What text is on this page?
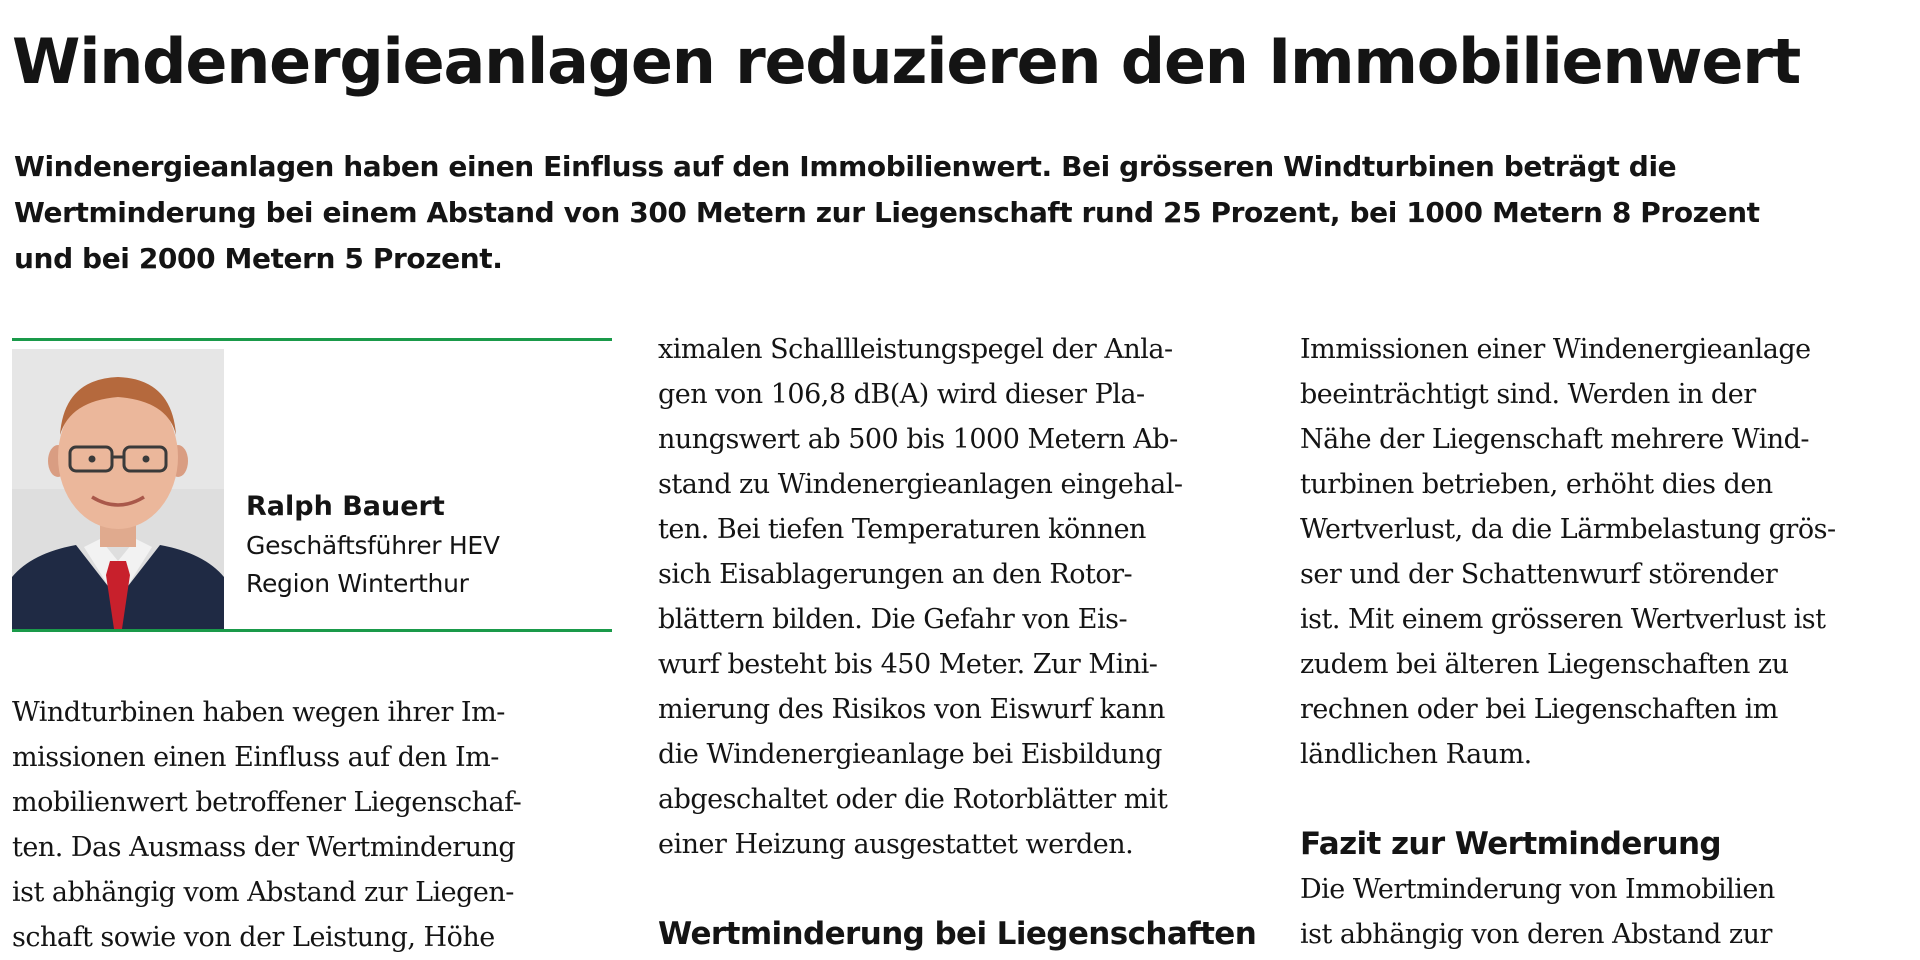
Windenergieanlagen reduzieren den Immobilienwert
Windenergieanlagen haben einen Einfluss auf den Immobilienwert. Bei grösseren Windturbinen beträgt die
Wertminderung bei einem Abstand von 300 Metern zur Liegenschaft rund 25 Prozent, bei 1000 Metern 8 Prozent
und bei 2000 Metern 5 Prozent.
Ralph Bauert
Geschäftsführer HEV
Region Winterthur
Windturbinen haben wegen ihrer Im-
missionen einen Einfluss auf den Im-
mobilienwert betroffener Liegenschaf-
ten. Das Ausmass der Wertminderung
ist abhängig vom Abstand zur Liegen-
schaft sowie von der Leistung, Höhe
ximalen Schallleistungspegel der Anla-
gen von 106,8 dB(A) wird dieser Pla-
nungswert ab 500 bis 1000 Metern Ab-
stand zu Windenergieanlagen eingehal-
ten. Bei tiefen Temperaturen können
sich Eisablagerungen an den Rotor-
blättern bilden. Die Gefahr von Eis-
wurf besteht bis 450 Meter. Zur Mini-
mierung des Risikos von Eiswurf kann
die Windenergieanlage bei Eisbildung
abgeschaltet oder die Rotorblätter mit
einer Heizung ausgestattet werden.
Wertminderung bei Liegenschaften
Immissionen einer Windenergieanlage
beeinträchtigt sind. Werden in der
Nähe der Liegenschaft mehrere Wind-
turbinen betrieben, erhöht dies den
Wertverlust, da die Lärmbelastung grös-
ser und der Schattenwurf störender
ist. Mit einem grösseren Wertverlust ist
zudem bei älteren Liegenschaften zu
rechnen oder bei Liegenschaften im
ländlichen Raum.
Fazit zur Wertminderung
Die Wertminderung von Immobilien
ist abhängig von deren Abstand zur
